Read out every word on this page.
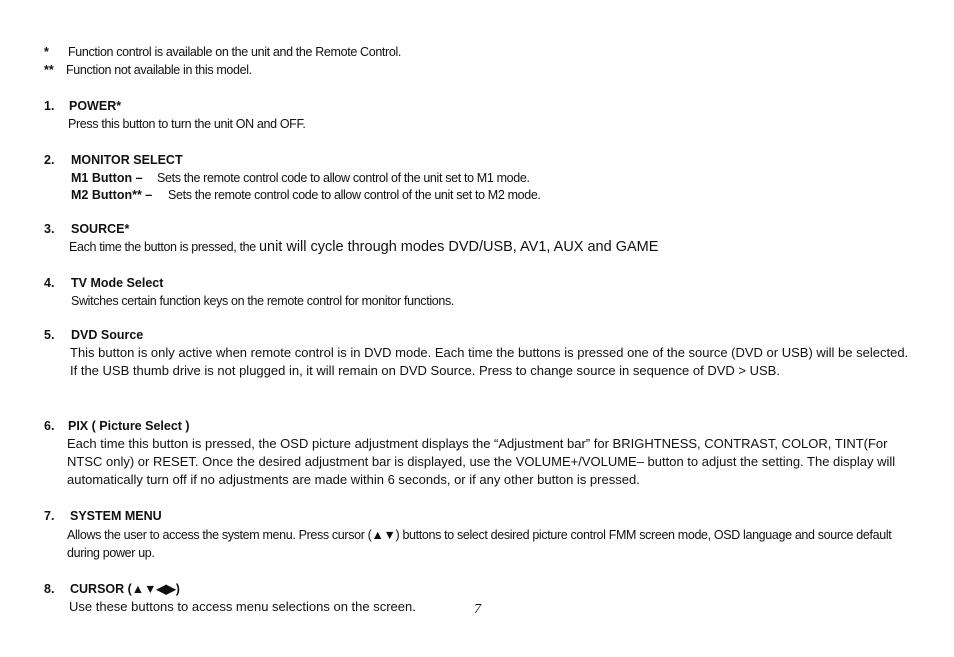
* Function control is available on the unit and the Remote Control.
** Function not available in this model.
1. POWER*
Press this button to turn the unit ON and OFF.
2. MONITOR SELECT
M1 Button – Sets the remote control code to allow control of the unit set to M1 mode.
M2 Button** – Sets the remote control code to allow control of the unit set to M2 mode.
3. SOURCE*
Each time the button is pressed, the unit will cycle through modes DVD/USB, AV1, AUX and GAME
4. TV Mode Select
Switches certain function keys on the remote control for monitor functions.
5. DVD Source
This button is only active when remote control is in DVD mode. Each time the buttons is pressed one of the source (DVD or USB) will be selected. If the USB thumb drive is not plugged in, it will remain on DVD Source. Press to change source in sequence of DVD > USB.
6. PIX ( Picture Select )
Each time this button is pressed, the OSD picture adjustment displays the “Adjustment bar” for BRIGHTNESS, CONTRAST, COLOR, TINT(For NTSC only) or RESET. Once the desired adjustment bar is displayed, use the VOLUME+/VOLUME– button to adjust the setting. The display will automatically turn off if no adjustments are made within 6 seconds, or if any other button is pressed.
7. SYSTEM MENU
Allows the user to access the system menu. Press cursor (▲▼) buttons to select desired picture control FMM screen mode, OSD language and source default during power up.
8. CURSOR (▲▼◀▶)
Use these buttons to access menu selections on the screen.	7
